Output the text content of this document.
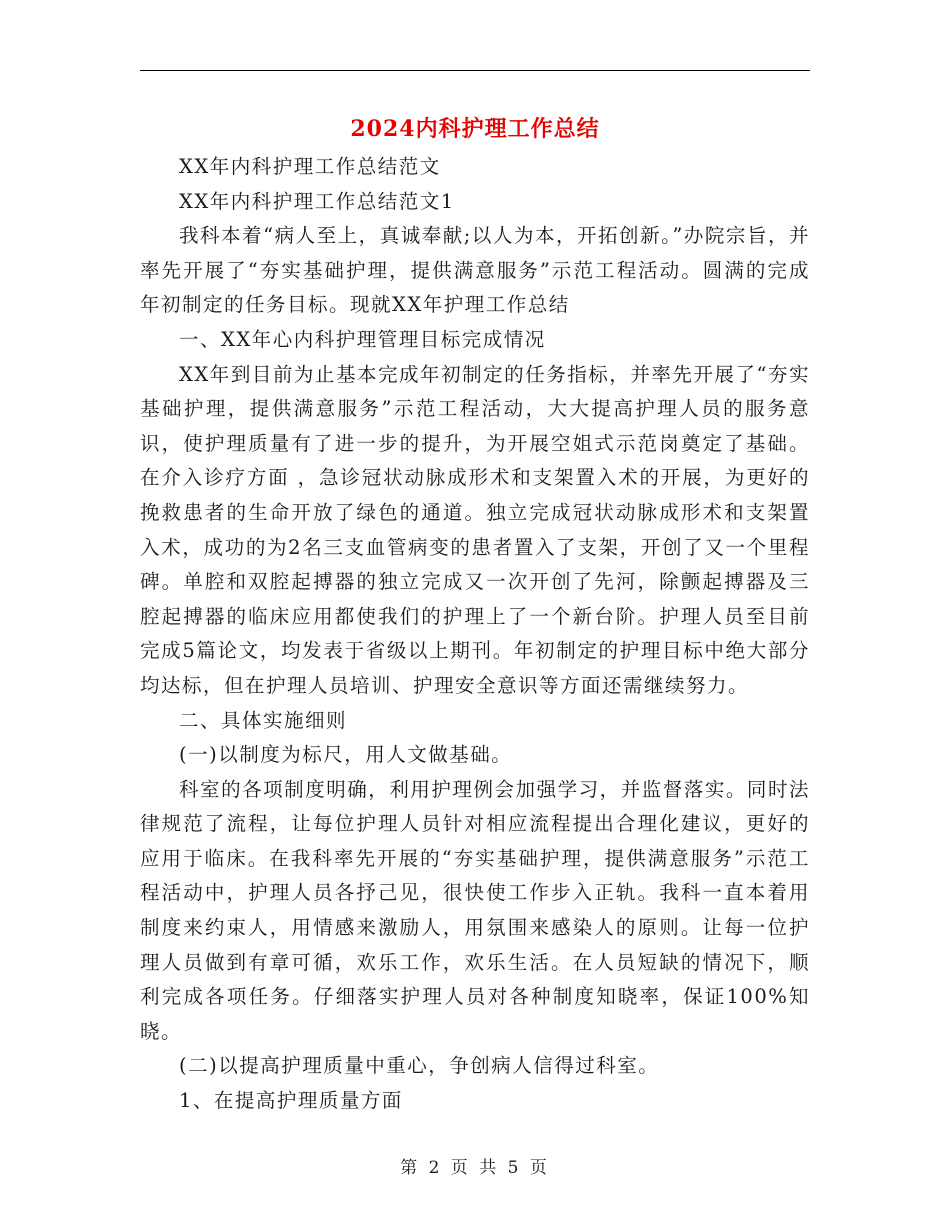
2024内科护理工作总结

XX年内科护理工作总结范文

XX年内科护理工作总结范文1

我科本着“病人至上，真诚奉献;以人为本，开拓创新。”办院宗旨，并率先开展了“夯实基础护理，提供满意服务”示范工程活动。圆满的完成年初制定的任务目标。现就XX年护理工作总结

一、XX年心内科护理管理目标完成情况

XX年到目前为止基本完成年初制定的任务指标，并率先开展了“夯实基础护理，提供满意服务”示范工程活动，大大提高护理人员的服务意识，使护理质量有了进一步的提升，为开展空姐式示范岗奠定了基础。在介入诊疗方面 ，急诊冠状动脉成形术和支架置入术的开展，为更好的挽救患者的生命开放了绿色的通道。独立完成冠状动脉成形术和支架置入术，成功的为2名三支血管病变的患者置入了支架，开创了又一个里程碑。单腔和双腔起搏器的独立完成又一次开创了先河，除颤起搏器及三腔起搏器的临床应用都使我们的护理上了一个新台阶。护理人员至目前完成5篇论文，均发表于省级以上期刊。年初制定的护理目标中绝大部分均达标，但在护理人员培训、护理安全意识等方面还需继续努力。

二、具体实施细则

(一)以制度为标尺，用人文做基础。

科室的各项制度明确，利用护理例会加强学习，并监督落实。同时法律规范了流程，让每位护理人员针对相应流程提出合理化建议，更好的应用于临床。在我科率先开展的“夯实基础护理，提供满意服务”示范工程活动中，护理人员各抒己见，很快使工作步入正轨。我科一直本着用制度来约束人，用情感来激励人，用氛围来感染人的原则。让每一位护理人员做到有章可循，欢乐工作，欢乐生活。在人员短缺的情况下，顺利完成各项任务。仔细落实护理人员对各种制度知晓率，保证100%知晓。

(二)以提高护理质量中重心，争创病人信得过科室。

1、在提高护理质量方面

第 2 页 共 5 页
